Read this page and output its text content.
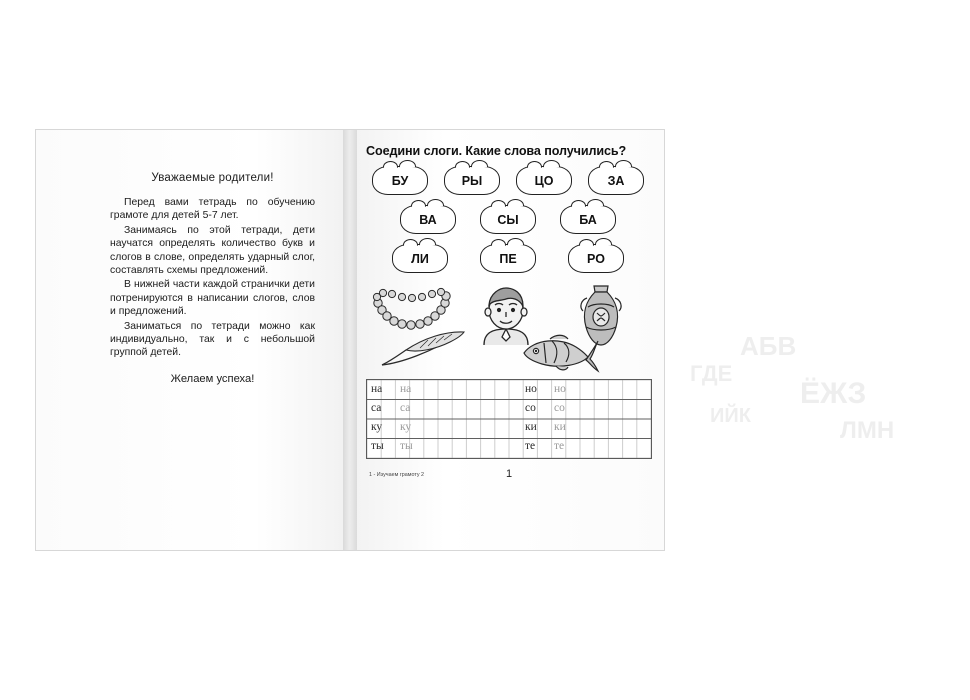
Уважаемые родители!

Перед вами тетрадь по обучению грамоте для детей 5-7 лет.

Занимаясь по этой тетради, дети научатся определять количество букв и слогов в слове, определять ударный слог, составлять схемы предложений.

В нижней части каждой странички дети потренируются в написании слогов, слов и предложений.

Заниматься по тетради можно как индивидуально, так и с небольшой группой детей.

Желаем успеха!
АБВ
ГДЕ
ЁЖЗ
ИЙК
ЛМН
Соедини слоги. Какие слова получились?
БУ	РЫ	ЦО	ЗА
ВА	СЫ	БА
ЛИ	ПЕ	РО
на на	но но
са са	со со
ку ку	ки ки
ты ты	те те
1 - Изучаем грамоту 2	1
